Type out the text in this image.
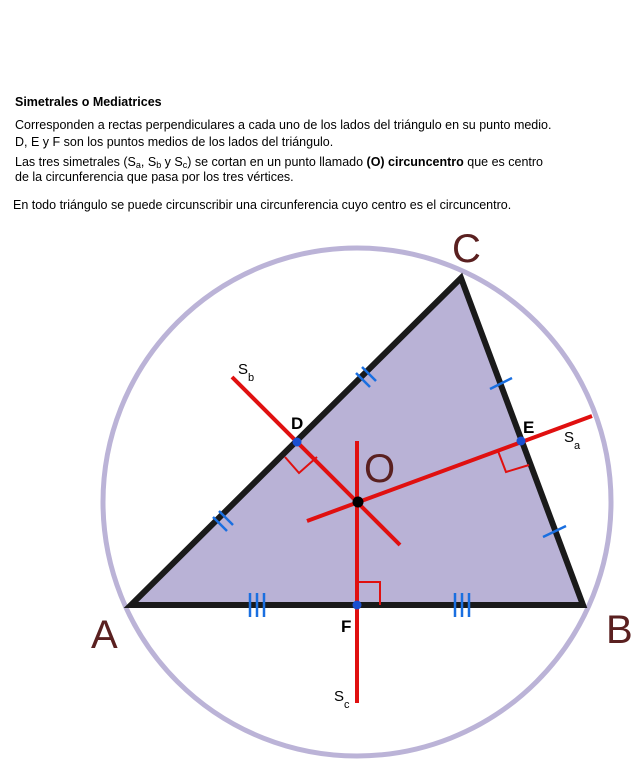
Simetrales o Mediatrices
Corresponden a rectas perpendiculares a cada uno de los lados del triángulo en su punto medio.
D, E y F son los puntos medios de los lados del triángulo.
Las tres simetrales ($S_a$, $S_b$ y $S_c$) se cortan en un punto llamado (O) circuncentro que es centro
de la circunferencia que pasa por los tres vértices.
En todo triángulo se puede circunscribir una circunferencia cuyo centro es el circuncentro.
A	B
C
O
D	E
F
S b
S a
S c
